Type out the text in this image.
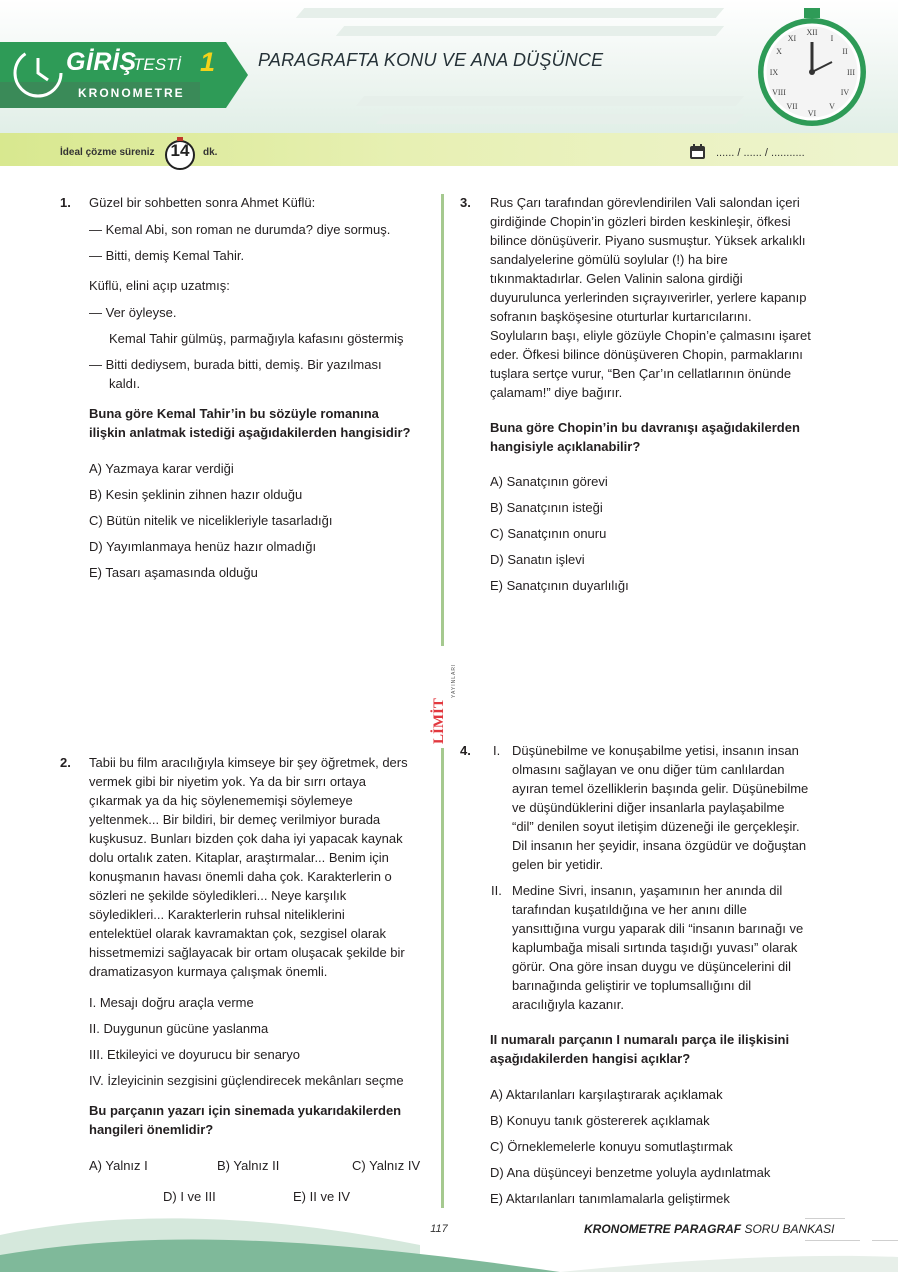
GİRİŞ
TESTİ 1
KRONOMETRE
PARAGRAFTA KONU VE ANA DÜŞÜNCE
İdeal çözme süreniz 14	dk.	...... / ...... / ...........
XII
III
VI
IX
I
II
IV
V
VII
VIII
X
XI
1. Güzel bir sohbetten sonra Ahmet Küflü:
— Kemal Abi, son roman ne durumda? diye sormuş.
— Bitti, demiş Kemal Tahir.
Küflü, elini açıp uzatmış:
— Ver öyleyse.
Kemal Tahir gülmüş, parmağıyla kafasını göstermiş
— Bitti dediysem, burada bitti, demiş. Bir yazılması
kaldı.
Buna göre Kemal Tahir’in bu sözüyle romanına
ilişkin anlatmak istediği aşağıdakilerden hangisidir?
A) Yazmaya karar verdiği
B) Kesin şeklinin zihnen hazır olduğu
C) Bütün nitelik ve nicelikleriyle tasarladığı
D) Yayımlanmaya henüz hazır olmadığı
E) Tasarı aşamasında olduğu
3. Rus Çarı tarafından görevlendirilen Vali salondan içeri
girdiğinde Chopin’in gözleri birden keskinleşir, öfkesi
bilince dönüşüverir. Piyano susmuştur. Yüksek arkalıklı
sandalyelerine gömülü soylular (!) ha bire
tıkınmaktadırlar. Gelen Valinin salona girdiği
duyurulunca yerlerinden sıçrayıverirler, yerlere kapanıp
sofranın başköşesine oturturlar kurtarıcılarını.
Soyluların başı, eliyle gözüyle Chopin’e çalmasını işaret
eder. Öfkesi bilince dönüşüveren Chopin, parmaklarını
tuşlara sertçe vurur, “Ben Çar’ın cellatlarının önünde
çalamam!” diye bağırır.
Buna göre Chopin’in bu davranışı aşağıdakilerden
hangisiyle açıklanabilir?
A) Sanatçının görevi
B) Sanatçının isteği
C) Sanatçının onuru
D) Sanatın işlevi
E) Sanatçının duyarlılığı
LİMİT
YAYINLARI
2. Tabii bu film aracılığıyla kimseye bir şey öğretmek, ders
vermek gibi bir niyetim yok. Ya da bir sırrı ortaya
çıkarmak ya da hiç söylenememişi söylemeye
yeltenmek... Bir bildiri, bir demeç verilmiyor burada
kuşkusuz. Bunları bizden çok daha iyi yapacak kaynak
dolu ortalık zaten. Kitaplar, araştırmalar... Benim için
konuşmanın havası önemli daha çok. Karakterlerin o
sözleri ne şekilde söyledikleri... Neye karşılık
söyledikleri... Karakterlerin ruhsal niteliklerini
entelektüel olarak kavramaktan çok, sezgisel olarak
hissetmemizi sağlayacak bir ortam oluşacak şekilde bir
dramatizasyon kurmaya çalışmak önemli.
I. Mesajı doğru araçla verme
II. Duygunun gücüne yaslanma
III. Etkileyici ve doyurucu bir senaryo
IV. İzleyicinin sezgisini güçlendirecek mekânları seçme
Bu parçanın yazarı için sinemada yukarıdakilerden
hangileri önemlidir?
A) Yalnız I	B) Yalnız II	C) Yalnız IV
D) I ve III	E) II ve IV
4. I. Düşünebilme ve konuşabilme yetisi, insanın insan
olmasını sağlayan ve onu diğer tüm canlılardan
ayıran temel özelliklerin başında gelir. Düşünebilme
ve düşündüklerini diğer insanlarla paylaşabilme
“dil” denilen soyut iletişim düzeneği ile gerçekleşir.
Dil insanın her şeyidir, insana özgüdür ve doğuştan
gelen bir yetidir.
II. Medine Sivri, insanın, yaşamının her anında dil
tarafından kuşatıldığına ve her anını dille
yansıttığına vurgu yaparak dili “insanın barınağı ve
kaplumbağa misali sırtında taşıdığı yuvası” olarak
görür. Ona göre insan duygu ve düşüncelerini dil
barınağında geliştirir ve toplumsallığını dil
aracılığıyla kazanır.
II numaralı parçanın I numaralı parça ile ilişkisini
aşağıdakilerden hangisi açıklar?
A) Aktarılanları karşılaştırarak açıklamak
B) Konuyu tanık göstererek açıklamak
C) Örneklemelerle konuyu somutlaştırmak
D) Ana düşünceyi benzetme yoluyla aydınlatmak
E) Aktarılanları tanımlamalarla geliştirmek
117	KRONOMETRE PARAGRAF SORU BANKASI
